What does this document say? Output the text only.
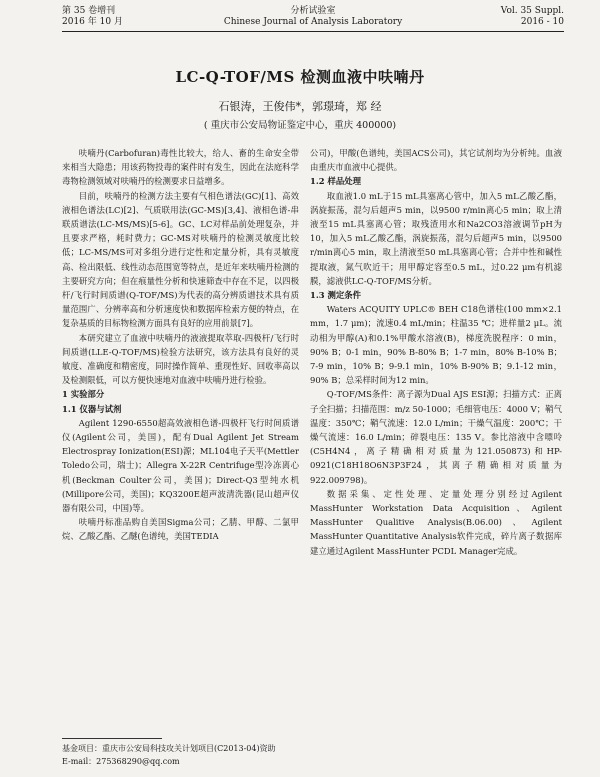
第 35 卷增刊
2016 年 10 月
分析试验室
Chinese Journal of Analysis Laboratory
Vol. 35 Suppl.
2016 - 10
LC-Q-TOF/MS 检测血液中呋喃丹
石银涛，王俊伟*，郭璟琦，郑 经
( 重庆市公安局物证鉴定中心，重庆 400000)

呋喃丹(Carbofuran)毒性比较大，给人、畜的生命安全带来相当大隐患；用该药物投毒的案件时有发生，因此在法庭科学毒物检测领域对呋喃丹的检测要求日益增多。

目前，呋喃丹的检测方法主要有气相色谱法(GC)[1]、高效液相色谱法(LC)[2]、气质联用法(GC-MS)[3,4]、液相色谱-串联质谱法(LC-MS/MS)[5-6]。GC、LC对样品前处理复杂，并且要求严格，耗时费力；GC-MS对呋喃丹的检测灵敏度比较低；LC-MS/MS可对多组分进行定性和定量分析，具有灵敏度高、检出限低、线性动态范围宽等特点，是近年来呋喃丹检测的主要研究方向；但在痕量性分析和快速筛查中存在不足，以四极杆/飞行时间质谱(Q-TOF/MS)为代表的高分辨质谱技术具有质量范围广、分辨率高和分析速度快和数据库检索方便的特点，在复杂基质的目标物检测方面具有良好的应用前景[7]。

本研究建立了血液中呋喃丹的液液提取萃取-四极杆/飞行时间质谱(LLE-Q-TOF/MS)检验方法研究，该方法具有良好的灵敏度、准确度和精密度，同时操作简单、重现性好、回收率高以及检测限低，可以方便快速地对血液中呋喃丹进行检验。

1 实验部分

1.1 仪器与试剂

Agilent 1290-6550超高效液相色谱-四极杆飞行时间质谱仪(Agilent公司，美国)，配有Dual Agilent Jet Stream Electrospray Ionization(ESI)源；ML104电子天平(Mettler Toledo公司，瑞士)；Allegra X-22R Centrifuge型冷冻离心机(Beckman Coulter公司，美国)；Direct-Q3型纯水机(Millipore公司，美国)；KQ3200E超声波清洗器(昆山超声仪器有限公司，中国)等。

呋喃丹标准品购自美国Sigma公司；乙腈、甲醇、二氯甲烷、乙酸乙酯、乙醚(色谱纯，美国TEDIA

公司)，甲酸(色谱纯，美国ACS公司)，其它试剂均为分析纯。血液由重庆市血液中心提供。

1.2 样品处理

取血液1.0 mL于15 mL具塞离心管中，加入5 mL乙酸乙酯，涡旋振荡，混匀后超声5 min，以9500 r/min离心5 min；取上清液至15 mL具塞离心管；取残渣用水和Na2CO3溶液调节pH为10，加入5 mL乙酸乙酯，涡旋振荡，混匀后超声5 min，以9500 r/min离心5 min，取上清液至50 mL具塞离心管；合并中性和碱性提取液，氮气吹近干；用甲醇定容至0.5 mL，过0.22 μm有机滤膜，滤液供LC-Q-TOF/MS分析。

1.3 测定条件

Waters ACQUITY UPLC® BEH C18色谱柱(100 mm×2.1 mm，1.7 μm)；流速0.4 mL/min；柱温35 ℃；进样量2 μL。流动相为甲醇(A)和0.1%甲酸水溶液(B)，梯度洗脱程序：0 min，90% B；0-1 min，90% B-80% B；1-7 min，80% B-10% B；7-9 min，10% B；9-9.1 min，10% B-90% B；9.1-12 min，90% B；总采样时间为12 min。

Q-TOF/MS条件：离子源为Dual AJS ESI源；扫描方式：正离子全扫描；扫描范围：m/z 50-1000；毛细管电压：4000 V；鞘气温度：350℃；鞘气流速：12.0 L/min；干燥气温度：200℃；干燥气流速：16.0 L/min；碎裂电压：135 V。参比溶液中含嘌呤(C5H4N4，离子精确相对质量为121.050873)和HP-0921(C18H18O6N3P3F24，其离子精确相对质量为922.009798)。

数据采集、定性处理、定量处理分别经过Agilent MassHunter Workstation Data Acquisition、Agilent MassHunter Qualitive Analysis(B.06.00)、Agilent MassHunter Quantitative Analysis软件完成，碎片离子数据库建立通过Agilent MassHunter PCDL Manager完成。

基金项目：重庆市公安局科技攻关计划项目(C2013-04)资助
E-mail：275368290@qq.com
